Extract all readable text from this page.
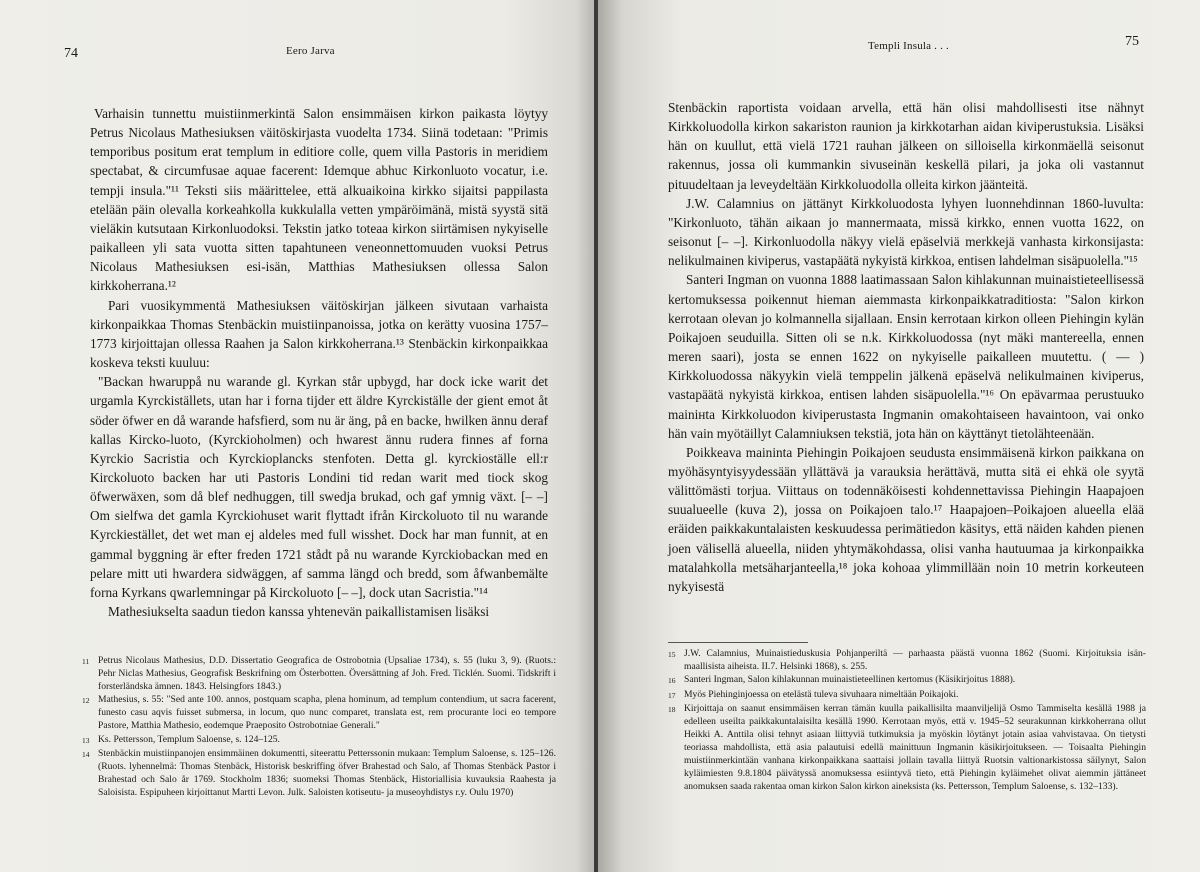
74	Eero Jarva

Varhaisin tunnettu muistiinmerkintä Salon ensimmäisen kirkon paikasta löytyy Petrus Nicolaus Mathesiuksen väitöskirjasta vuodelta 1734. Siinä todetaan: "Primis temporibus positum erat templum in editiore colle, quem villa Pastoris in meridiem spectabat, & circumfusae aquae facerent: Idemque abhuc Kirkonluoto vocatur, i.e. tempji insula."¹¹ Teksti siis määrittelee, että alkuaikoina kirkko sijaitsi pappilasta etelään päin olevalla korkeahkolla kukkulalla vetten ympäröimänä, mistä syystä sitä vieläkin kutsutaan Kirkonluodoksi. Tekstin jatko toteaa kirkon siirtämisen nykyiselle paikalleen yli sata vuotta sitten tapahtuneen veneonnettomuuden vuoksi Petrus Nicolaus Mathesiuksen esi-isän, Matthias Mathesiuksen ollessa Salon kirkkoherrana.¹²

Pari vuosikymmentä Mathesiuksen väitöskirjan jälkeen sivutaan varhaista kirkonpaikkaa Thomas Stenbäckin muistiinpanoissa, jotka on kerätty vuosina 1757–1773 kirjoittajan ollessa Raahen ja Salon kirkkoherrana.¹³ Stenbäckin kirkonpaikkaa koskeva teksti kuuluu:

"Backan hwaruppå nu warande gl. Kyrkan står upbygd, har dock icke warit det urgamla Kyrckiställets, utan har i forna tijder ett äldre Kyrckiställe der gient emot åt söder öfwer en då warande hafsfierd, som nu är äng, på en backe, hwilken ännu deraf kallas Kircko-luoto, (Kyrckioholmen) och hwarest ännu rudera finnes af forna Kyrckio Sacristia och Kyrckioplancks stenfoten. Detta gl. kyrckioställe ell:r Kirckoluoto backen har uti Pastoris Londini tid redan warit med tiock skog öfwerwäxen, som då blef nedhuggen, till swedja brukad, och gaf ymnig växt. [– –] Om sielfwa det gamla Kyrckiohuset warit flyttadt ifrån Kirckoluoto til nu warande Kyrckiestället, det wet man ej aldeles med full wisshet. Dock har man funnit, at en gammal byggning är efter freden 1721 stådt på nu warande Kyrckiobackan med en pelare mitt uti hwardera sidwäggen, af samma längd och bredd, som åfwanbemälte forna Kyrkans qwarlemningar på Kirckoluoto [– –], dock utan Sacristia."¹⁴

Mathesiukselta saadun tiedon kanssa yhtenevän paikallistamisen lisäksi

11 Petrus Nicolaus Mathesius, D.D. Dissertatio Geografica de Ostrobotnia (Upsaliae 1734), s. 55 (luku 3, 9). (Ruots.: Pehr Niclas Mathesius, Geografisk Beskrifning om Österbotten. Översättning af Joh. Fred. Ticklén. Suomi. Tidskrift i forsterländska ämnen. 1843. Helsingfors 1843.)
12 Mathesius, s. 55: "Sed ante 100. annos, postquam scapha, plena hominum, ad templum contendium, ut sacra facerent, funesto casu aqvis fuisset submersa, in locum, quo nunc comparet, translata est, rem procurante loci eo tempore Pastore, Matthia Mathesio, eodemque Praeposito Ostrobotniae Generali."
13 Ks. Pettersson, Templum Saloense, s. 124–125.
14 Stenbäckin muistiinpanojen ensimmäinen dokumentti, siteerattu Petterssonin mukaan: Templum Saloense, s. 125–126. (Ruots. lyhennelmä: Thomas Stenbäck, Historisk beskriffing öfver Brahestad och Salo, af Thomas Stenbäck Pastor i Brahestad och Salo år 1769. Stockholm 1836; suomeksi Thomas Stenbäck, Historiallisia kuvauksia Raahesta ja Saloisista. Espipuheen kirjoittanut Martti Levon. Julk. Saloisten kotiseutu- ja museoyhdistys r.y. Oulu 1970)
Templi Insula . . .	75

Stenbäckin raportista voidaan arvella, että hän olisi mahdollisesti itse nähnyt Kirkkoluodolla kirkon sakariston raunion ja kirkkotarhan aidan kiviperustuksia. Lisäksi hän on kuullut, että vielä 1721 rauhan jälkeen on silloisella kirkonmäellä seisonut rakennus, jossa oli kummankin sivuseinän keskellä pilari, ja joka oli vastannut pituudeltaan ja leveydeltään Kirkkoluodolla olleita kirkon jäänteitä.

J.W. Calamnius on jättänyt Kirkkoluodosta lyhyen luonnehdinnan 1860-luvulta: "Kirkonluoto, tähän aikaan jo mannermaata, missä kirkko, ennen vuotta 1622, on seisonut [– –]. Kirkonluodolla näkyy vielä epäselviä merkkejä vanhasta kirkonsijasta: nelikulmainen kiviperus, vastapäätä nykyistä kirkkoa, entisen lahdelman sisäpuolella."¹⁵

Santeri Ingman on vuonna 1888 laatimassaan Salon kihlakunnan muinaistieteellisessä kertomuksessa poikennut hieman aiemmasta kirkonpaikkatraditiosta: "Salon kirkon kerrotaan olevan jo kolmannella sijallaan. Ensin kerrotaan kirkon olleen Piehingin kylän Poikajoen seuduilla. Sitten oli se n.k. Kirkkoluodossa (nyt mäki mantereella, ennen meren saari), josta se ennen 1622 on nykyiselle paikalleen muutettu. ( — ) Kirkkoluodossa näkyykin vielä temppelin jälkenä epäselvä nelikulmainen kiviperus, vastapäätä nykyistä kirkkoa, entisen lahden sisäpuolella."¹⁶ On epävarmaa perustuuko mainінta Kirkkoluodon kiviperustasta Ingmanin omakohtaiseen havaintoon, vai onko hän vain myötäillyt Calamniuksen tekstiä, jota hän on käyttänyt tietolähteenään.

Poikkeava maininta Piehingin Poikajoen seudusta ensimmäisenä kirkon paikkana on myöhäsyntyisyydessään yllättävä ja varauksia herättävä, mutta sitä ei ehkä ole syytä välittömästi torjua. Viittaus on todennäköisesti kohdennettavissa Piehingin Haapajoen suualueelle (kuva 2), jossa on Poikajoen talo.¹⁷ Haapajoen–Poikajoen alueella elää eräiden paikkakuntalaisten keskuudessa perimätiedon käsitys, että näiden kahden pienen joen välisellä alueella, niiden yhtymäkohdassa, olisi vanha hautuumaa ja kirkonpaikka matalahkolla metsäharjanteella,¹⁸ joka kohoaa ylimmillään noin 10 metrin korkeuteen nykyisestä

15 J.W. Calamnius, Muinaistieduskusia Pohjanperiltä — parhaasta päästä vuonna 1862 (Suomi. Kirjoituksia isän-maallisista aiheista. II.7. Helsinki 1868), s. 255.
16 Santeri Ingman, Salon kihlakunnan muinaistieteellinen kertomus (Käsikirjoitus 1888).
17 Myös Piehinginjoessa on etelästä tuleva sivuhaara nimeltään Poikajoki.
18 Kirjoittaja on saanut ensimmäisen kerran tämän kuulla paikallisilta maanviljelijä Osmo Tammiselta kesällä 1988 ja edelleen useilta paikkakuntalaisilta kesällä 1990. Kerrotaan myös, että v. 1945–52 seurakunnan kirkkoherrana ollut Heikki A. Anttila olisi tehnyt asiaan liittyviä tutkimuksia ja myöskin löytänyt jotain asiaa vahvistavaa. On tietysti teoriassa mahdollista, että asia palautuisi edellä mainittuun Ingmanin käsikirjoitukseen. — Toisaalta Piehingin muistiinmerkintään vanhana kirkonpaikkana saattaisi jollain tavalla liittyä Ruotsin valtionarkistossa säilynyt, Salon kyläimiesten 9.8.1804 päivätyssä anomuksessa esiintyvä tieto, että Piehingin kyläimehet olivat aiemmin jättäneet anomuksen saada rakentaa oman kirkon Salon kirkon aineksista (ks. Pettersson, Templum Saloense, s. 132–133).
